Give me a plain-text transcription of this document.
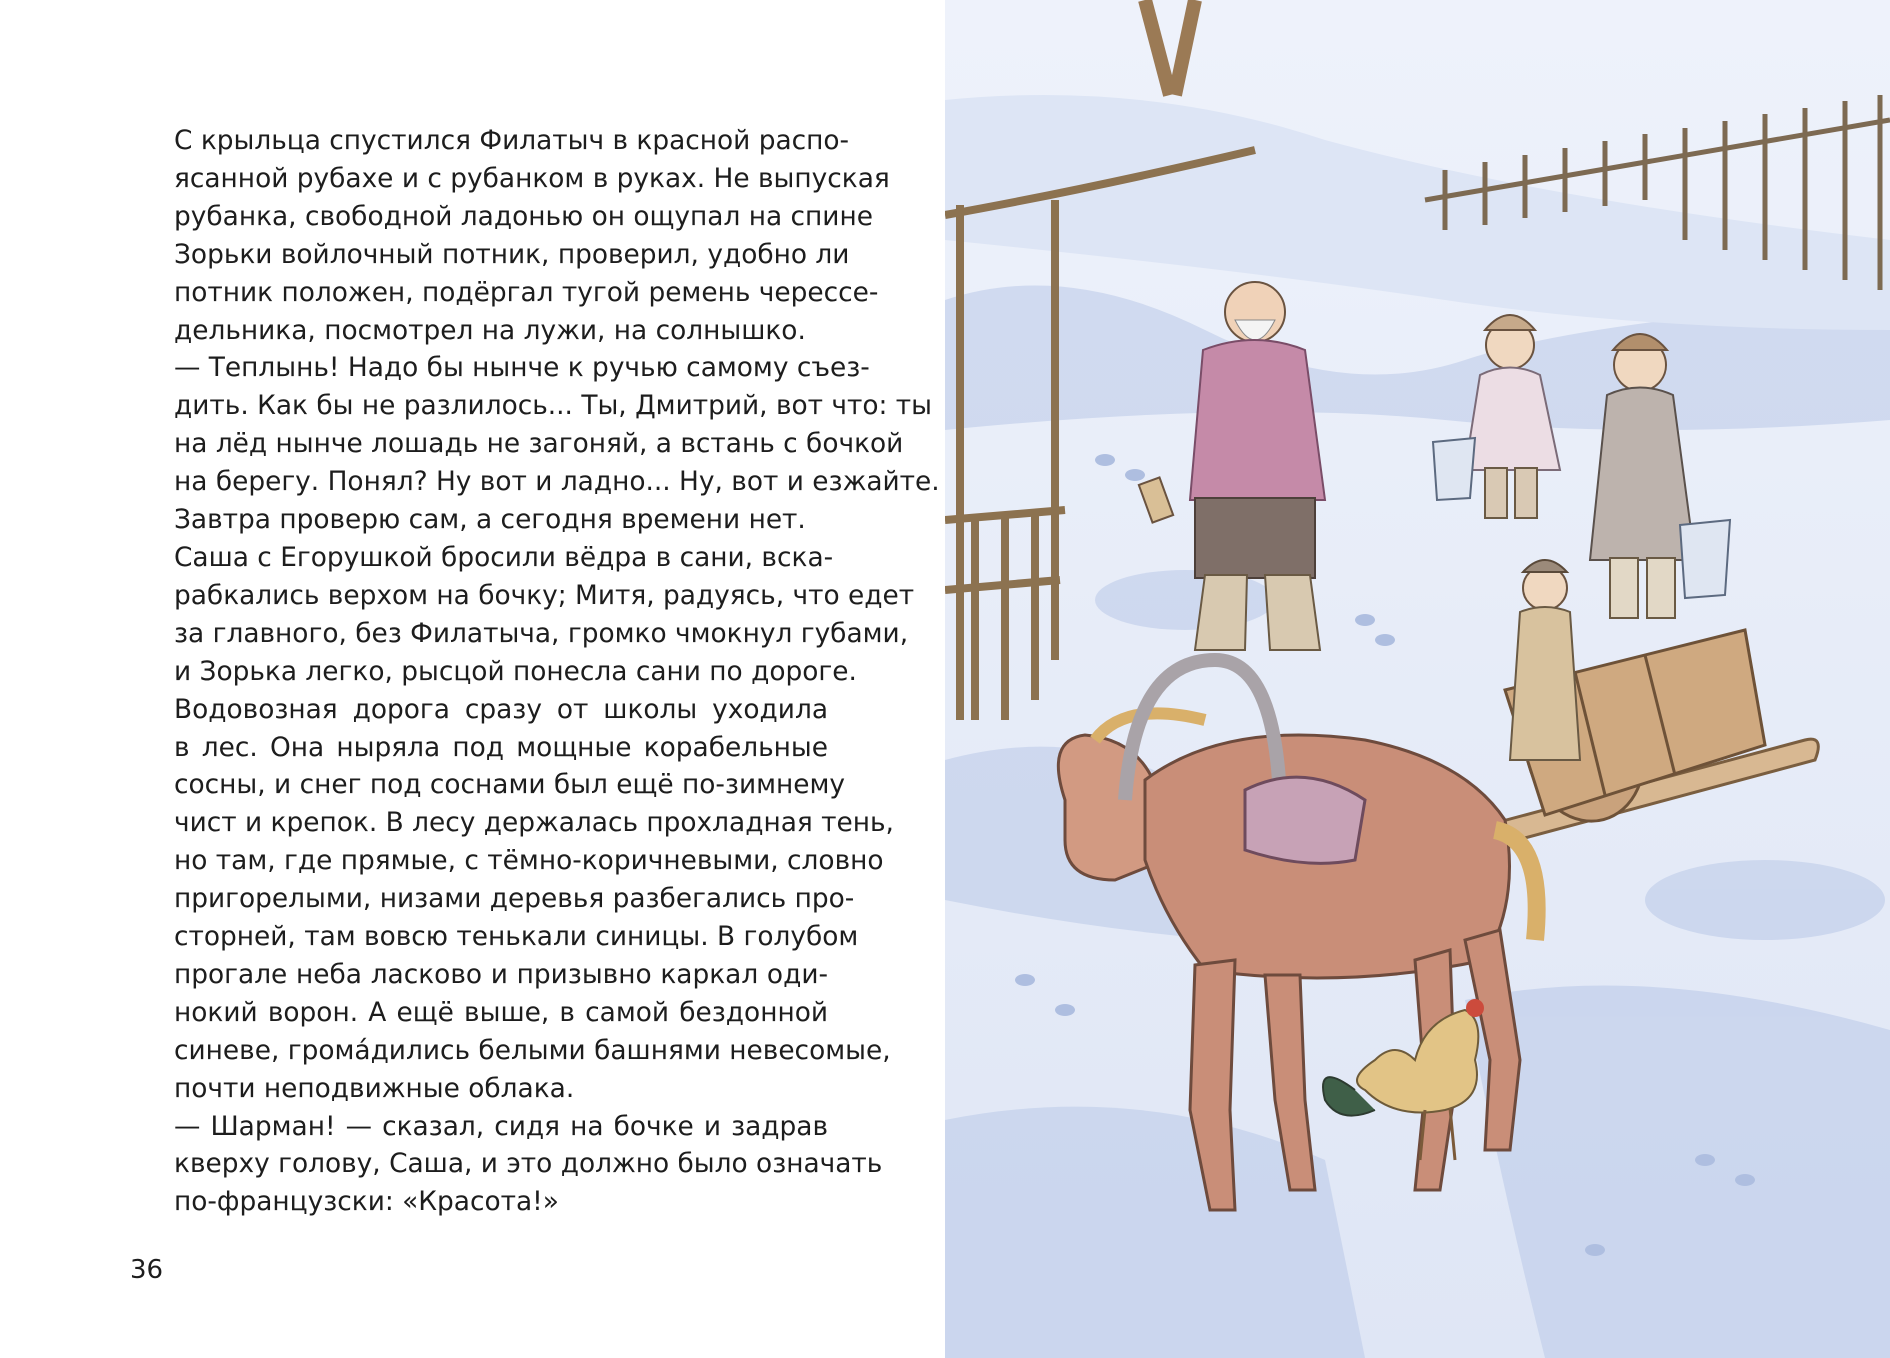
С крыльца спустился Филатыч в красной распо-
ясанной рубахе и с рубанком в руках. Не выпуская
рубанка, свободной ладонью он ощупал на спине
Зорьки войлочный потник, проверил, удобно ли
потник положен, подёргал тугой ремень черессе-
дельника, посмотрел на лужи, на солнышко.

— Теплынь! Надо бы нынче к ручью самому съез-
дить. Как бы не разлилось... Ты, Дмитрий, вот что: ты
на лёд нынче лошадь не загоняй, а встань с бочкой
на берегу. Понял? Ну вот и ладно... Ну, вот и езжайте.
Завтра проверю сам, а сегодня времени нет.

Саша с Егорушкой бросили вёдра в сани, вска-
рабкались верхом на бочку; Митя, радуясь, что едет
за главного, без Филатыча, громко чмокнул губами,
и Зорька легко, рысцой понесла сани по дороге.

Водовозная дорога сразу от школы уходила
в лес. Она ныряла под мощные корабельные
сосны, и снег под соснами был ещё по-зимнему
чист и крепок. В лесу держалась прохладная тень,
но там, где прямые, с тёмно-коричневыми, словно
пригорелыми, низами деревья разбегались про-
сторней, там вовсю тенькали синицы. В голубом
прогале неба ласково и призывно каркал оди-
нокий ворон. А ещё выше, в самой бездонной
синеве, громáдились белыми башнями невесомые,
почти неподвижные облака.

— Шарман! — сказал, сидя на бочке и задрав
кверху голову, Саша, и это должно было означать
по-французски: «Красота!»

36
